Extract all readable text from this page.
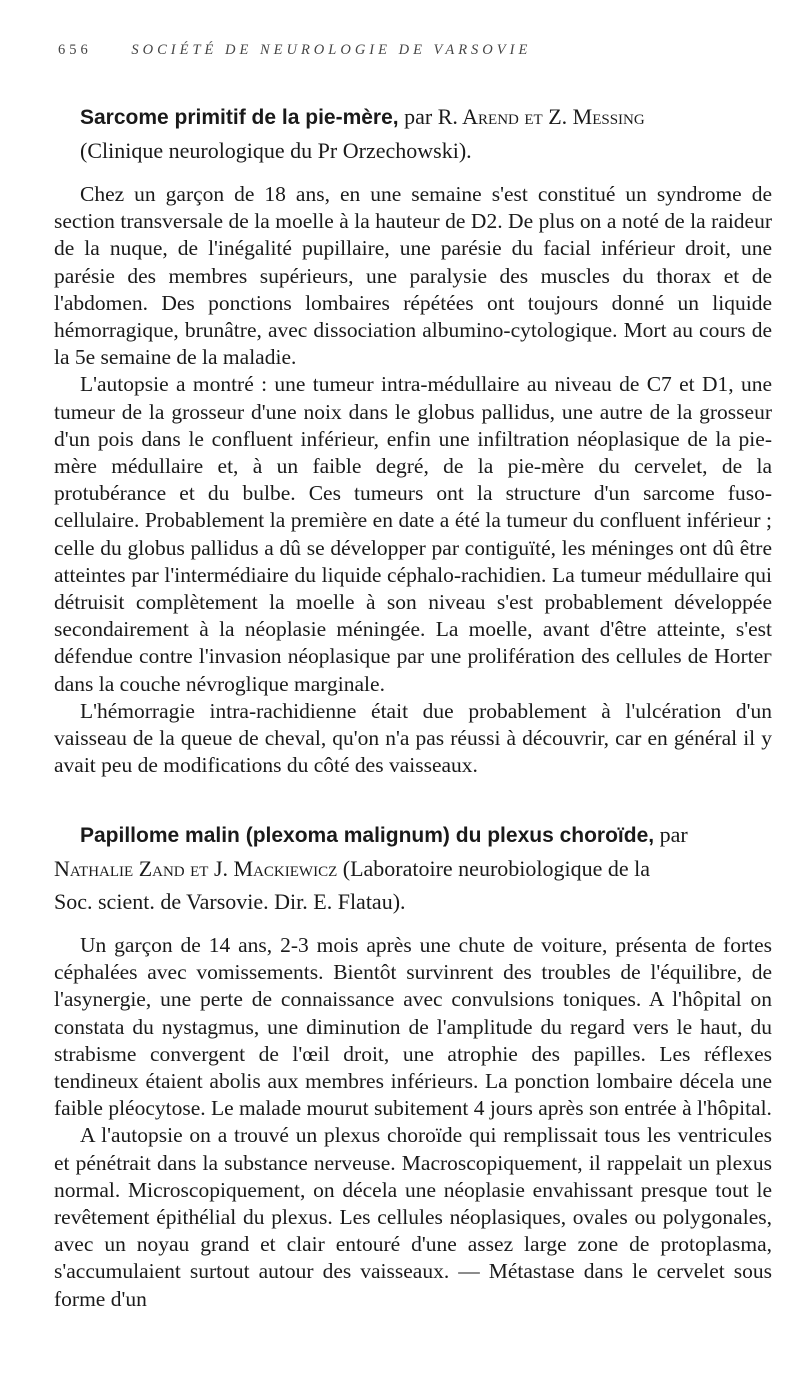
656	SOCIÉTÉ DE NEUROLOGIE DE VARSOVIE

Sarcome primitif de la pie-mère, par R. Arend et Z. Messing

(Clinique neurologique du Pr Orzechowski).

Chez un garçon de 18 ans, en une semaine s'est constitué un syndrome de section transversale de la moelle à la hauteur de D2. De plus on a noté de la raideur de la nuque, de l'inégalité pupillaire, une parésie du facial inférieur droit, une parésie des membres supérieurs, une paralysie des muscles du thorax et de l'abdomen. Des ponctions lombaires répétées ont toujours donné un liquide hémorragique, brunâtre, avec dissociation albumino-cytologique. Mort au cours de la 5e semaine de la maladie.

L'autopsie a montré : une tumeur intra-médullaire au niveau de C7 et D1, une tumeur de la grosseur d'une noix dans le globus pallidus, une autre de la grosseur d'un pois dans le confluent inférieur, enfin une infiltration néoplasique de la pie-mère médullaire et, à un faible degré, de la pie-mère du cervelet, de la protubérance et du bulbe. Ces tumeurs ont la structure d'un sarcome fuso-cellulaire. Probablement la première en date a été la tumeur du confluent inférieur ; celle du globus pallidus a dû se développer par contiguïté, les méninges ont dû être atteintes par l'intermédiaire du liquide céphalo-rachidien. La tumeur médullaire qui détruisit complètement la moelle à son niveau s'est probablement développée secondairement à la néoplasie méningée. La moelle, avant d'être atteinte, s'est défendue contre l'invasion néoplasique par une prolifération des cellules de Hortег dans la couche névroglique marginale.

L'hémorragie intra-rachidienne était due probablement à l'ulcération d'un vaisseau de la queue de cheval, qu'on n'a pas réussi à découvrir, car en général il y avait peu de modifications du côté des vaisseaux.

Papillome malin (plexoma malignum) du plexus choroïde, par

Nathalie Zand et J. Mackiewicz (Laboratoire neurobiologique de la

Soc. scient. de Varsovie. Dir. E. Flatau).

Un garçon de 14 ans, 2-3 mois après une chute de voiture, présenta de fortes céphalées avec vomissements. Bientôt survinrent des troubles de l'équilibre, de l'asynergie, une perte de connaissance avec convulsions toniques. A l'hôpital on constata du nystagmus, une diminution de l'amplitude du regard vers le haut, du strabisme convergent de l'œil droit, une atrophie des papilles. Les réflexes tendineux étaient abolis aux membres inférieurs. La ponction lombaire décela une faible pléocytose. Le malade mourut subitement 4 jours après son entrée à l'hôpital.

A l'autopsie on a trouvé un plexus choroïde qui remplissait tous les ventricules et pénétrait dans la substance nerveuse. Macroscopiquement, il rappelait un plexus normal. Microscopiquement, on décela une néoplasie envahissant presque tout le revêtement épithélial du plexus. Les cellules néoplasiques, ovales ou polygonales, avec un noyau grand et clair entouré d'une assez large zone de protoplasma, s'accumulaient surtout autour des vaisseaux. — Métastase dans le cervelet sous forme d'un
